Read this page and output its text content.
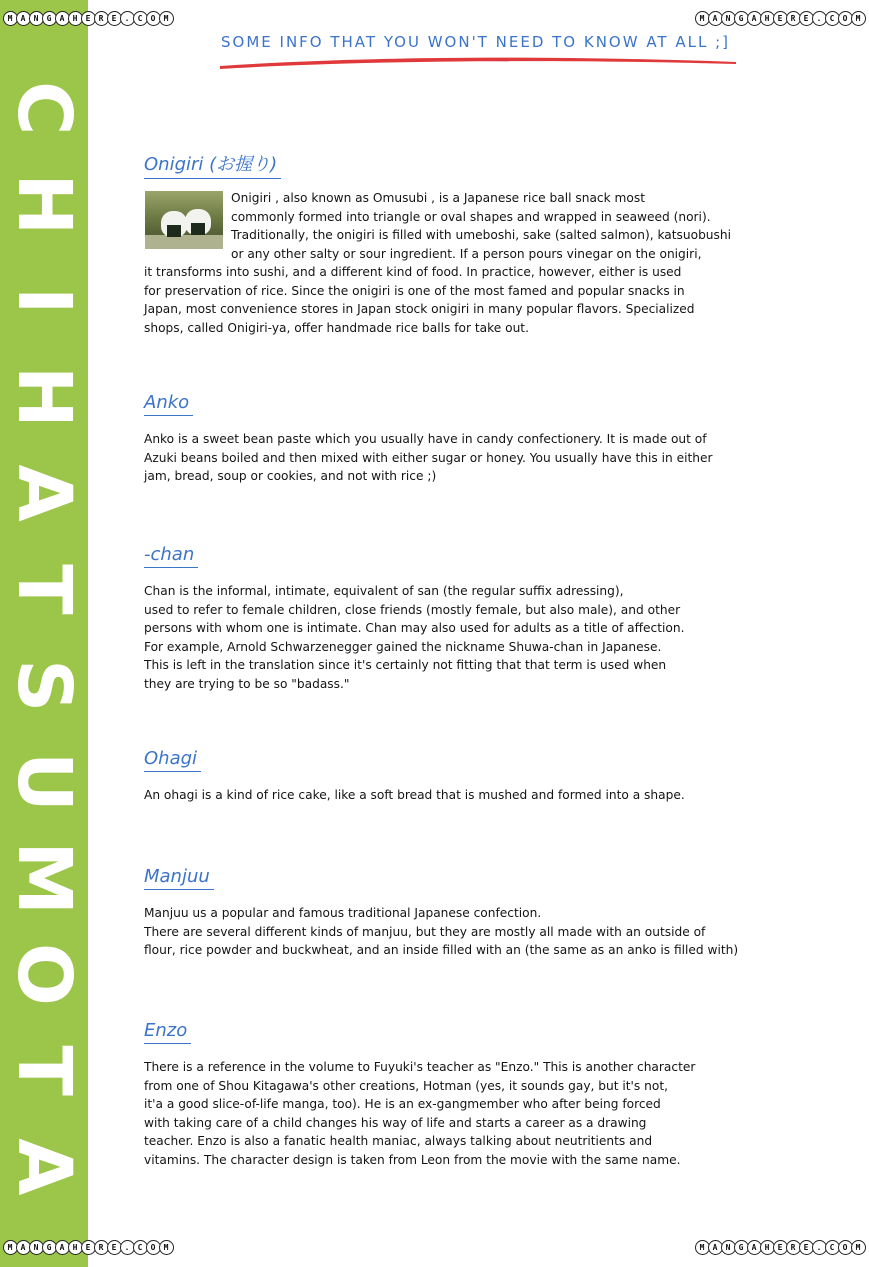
C
H
I
H
A
T
S
U
M
O
T
A
M A N G A H E R E . C O M	M A N G A H E R E . C O M
M A N G A H E R E . C O M	M A N G A H E R E . C O M
SOME INFO THAT YOU WON'T NEED TO KNOW AT ALL ;]
Onigiri (お握り)
Onigiri , also known as Omusubi , is a Japanese rice ball snack most
commonly formed into triangle or oval shapes and wrapped in seaweed (nori).
Traditionally, the onigiri is filled with umeboshi, sake (salted salmon), katsuobushi
or any other salty or sour ingredient. If a person pours vinegar on the onigiri,
it transforms into sushi, and a different kind of food. In practice, however, either is used
for preservation of rice. Since the onigiri is one of the most famed and popular snacks in
Japan, most convenience stores in Japan stock onigiri in many popular flavors. Specialized
shops, called Onigiri-ya, offer handmade rice balls for take out.
Anko
Anko is a sweet bean paste which you usually have in candy confectionery. It is made out of
Azuki beans boiled and then mixed with either sugar or honey. You usually have this in either
jam, bread, soup or cookies, and not with rice ;)
-chan
Chan is the informal, intimate, equivalent of san (the regular suffix adressing),
used to refer to female children, close friends (mostly female, but also male), and other
persons with whom one is intimate. Chan may also used for adults as a title of affection.
For example, Arnold Schwarzenegger gained the nickname Shuwa-chan in Japanese.
This is left in the translation since it's certainly not fitting that that term is used when
they are trying to be so "badass."
Ohagi
An ohagi is a kind of rice cake, like a soft bread that is mushed and formed into a shape.
Manjuu
Manjuu us a popular and famous traditional Japanese confection.
There are several different kinds of manjuu, but they are mostly all made with an outside of
flour, rice powder and buckwheat, and an inside filled with an (the same as an anko is filled with)
Enzo
There is a reference in the volume to Fuyuki's teacher as "Enzo." This is another character
from one of Shou Kitagawa's other creations, Hotman (yes, it sounds gay, but it's not,
it'a a good slice-of-life manga, too). He is an ex-gangmember who after being forced
with taking care of a child changes his way of life and starts a career as a drawing
teacher. Enzo is also a fanatic health maniac, always talking about neutritients and
vitamins. The character design is taken from Leon from the movie with the same name.
